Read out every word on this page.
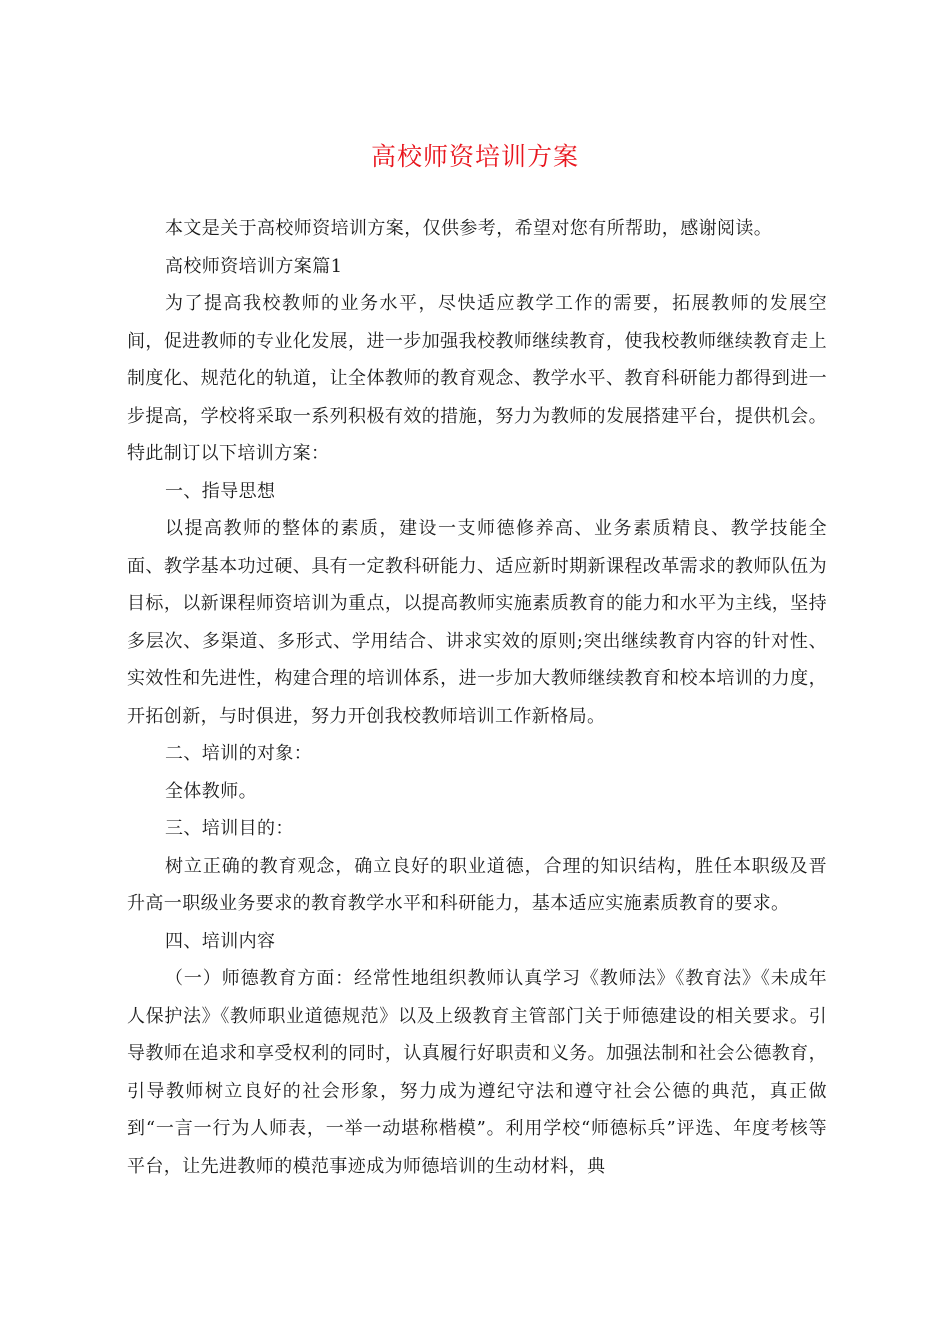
高校师资培训方案

本文是关于高校师资培训方案，仅供参考，希望对您有所帮助，感谢阅读。

高校师资培训方案篇1

为了提高我校教师的业务水平，尽快适应教学工作的需要，拓展教师的发展空间，促进教师的专业化发展，进一步加强我校教师继续教育，使我校教师继续教育走上制度化、规范化的轨道，让全体教师的教育观念、教学水平、教育科研能力都得到进一步提高，学校将采取一系列积极有效的措施，努力为教师的发展搭建平台，提供机会。特此制订以下培训方案：

一、指导思想

以提高教师的整体的素质，建设一支师德修养高、业务素质精良、教学技能全面、教学基本功过硬、具有一定教科研能力、适应新时期新课程改革需求的教师队伍为目标，以新课程师资培训为重点，以提高教师实施素质教育的能力和水平为主线，坚持多层次、多渠道、多形式、学用结合、讲求实效的原则;突出继续教育内容的针对性、实效性和先进性，构建合理的培训体系，进一步加大教师继续教育和校本培训的力度，开拓创新，与时俱进，努力开创我校教师培训工作新格局。

二、培训的对象：

全体教师。

三、培训目的：

树立正确的教育观念，确立良好的职业道德，合理的知识结构，胜任本职级及晋升高一职级业务要求的教育教学水平和科研能力，基本适应实施素质教育的要求。

四、培训内容

（一）师德教育方面：经常性地组织教师认真学习《教师法》《教育法》《未成年人保护法》《教师职业道德规范》以及上级教育主管部门关于师德建设的相关要求。引导教师在追求和享受权利的同时，认真履行好职责和义务。加强法制和社会公德教育，引导教师树立良好的社会形象，努力成为遵纪守法和遵守社会公德的典范，真正做到“一言一行为人师表，一举一动堪称楷模”。利用学校“师德标兵”评选、年度考核等平台，让先进教师的模范事迹成为师德培训的生动材料，典
